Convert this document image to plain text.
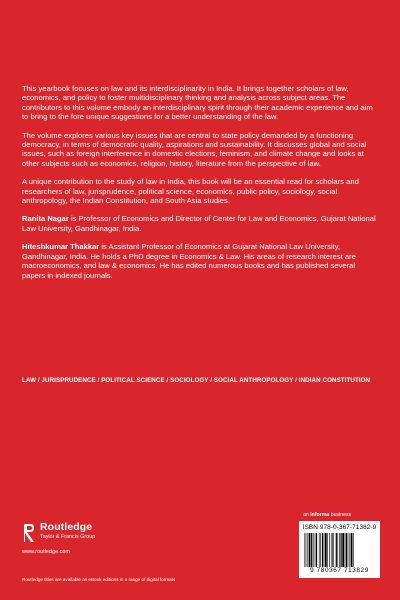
This yearbook focuses on law and its interdisciplinarity in India. It brings together scholars of law, economics, and policy to foster multidisciplinary thinking and analysis across subject areas. The contributors to this volume embody an interdisciplinary spirit through their academic experience and aim to bring to the fore unique suggestions for a better understanding of the law.

The volume explores various key issues that are central to state policy demanded by a functioning democracy, in terms of democratic quality, aspirations and sustainability. It discusses global and social issues, such as foreign interference in domestic elections, feminism, and climate change and looks at other subjects such as economics, religion, history, literature from the perspective of law.

A unique contribution to the study of law in India, this book will be an essential read for scholars and researchers of law, jurisprudence, political science, economics, public policy, sociology, social anthropology, the Indian Constitution, and South Asia studies.

Ranita Nagar is Professor of Economics and Director of Center for Law and Economics, Gujarat National Law University, Gandhinagar, India.

Hiteshkumar Thakkar is Assistant Professor of Economics at Gujarat National Law University, Gandhinagar, India. He holds a PhD degree in Economics & Law. His areas of research interest are macroeconomics, and law & economics. He has edited numerous books and has published several papers in indexed journals.

LAW / JURISPRUDENCE / POLITICAL SCIENCE / SOCIOLOGY / SOCIAL ANTHROPOLOGY / INDIAN CONSTITUTION
an informa business
Routledge
Taylor & Francis Group
www.routledge.com
Routledge titles are available as eBook editions in a range of digital formats
ISBN 978-0-367-71382-9
9 780367 713829
